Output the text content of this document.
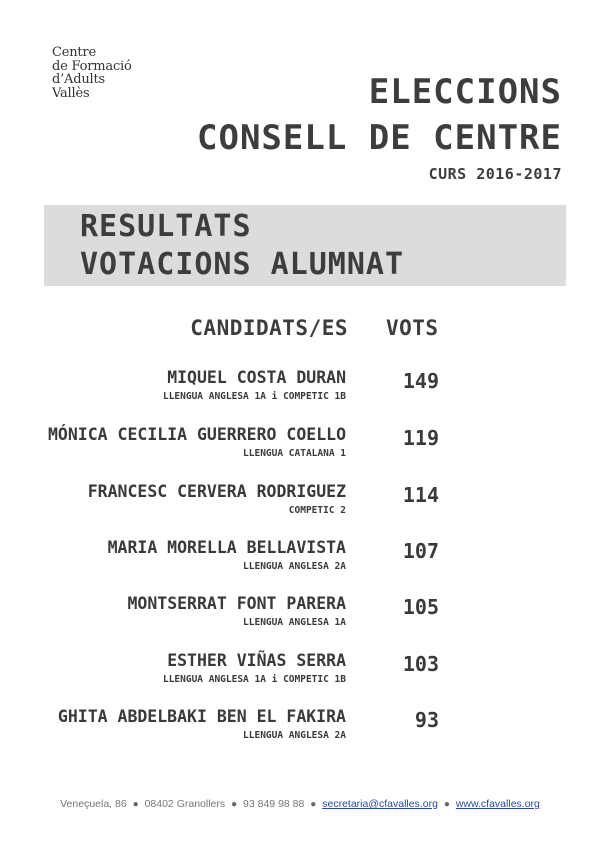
Centre
de Formació
d’Adults
Vallès	ELECCIONS
CONSELL DE CENTRE
CURS 2016-2017
RESULTATS
VOTACIONS ALUMNAT
CANDIDATS/ES VOTS
MIQUEL COSTA DURAN
LLENGUA ANGLESA 1A i COMPETIC 1B
149
MÓNICA CECILIA GUERRERO COELLO
LLENGUA CATALANA 1
119
FRANCESC CERVERA RODRIGUEZ
COMPETIC 2
114
MARIA MORELLA BELLAVISTA
LLENGUA ANGLESA 2A
107
MONTSERRAT FONT PARERA
LLENGUA ANGLESA 1A
105
ESTHER VIÑAS SERRA
LLENGUA ANGLESA 1A i COMPETIC 1B
103
GHITA ABDELBAKI BEN EL FAKIRA
LLENGUA ANGLESA 2A
93
Veneçuela, 86 ● 08402 Granollers ● 93 849 98 88 ● secretaria@cfavalles.org ● www.cfavalles.org
